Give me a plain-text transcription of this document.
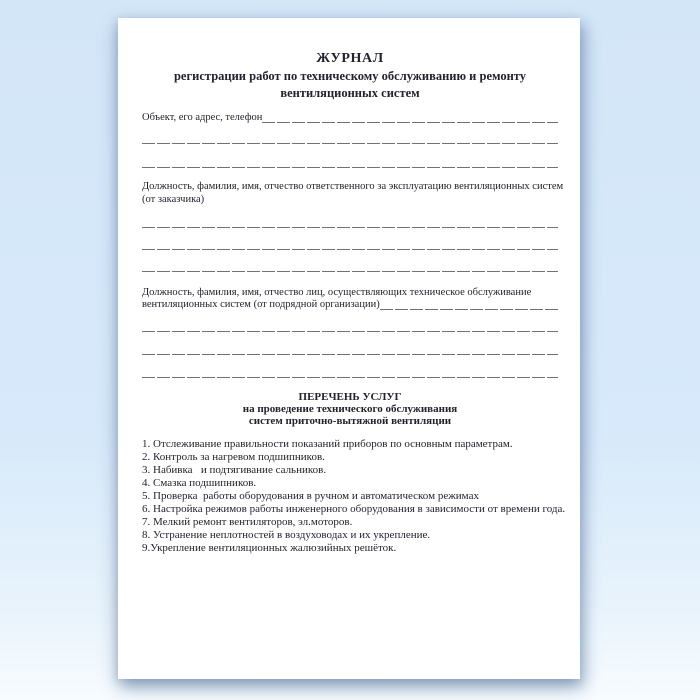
ЖУРНАЛ
регистрации работ по техническому обслуживанию и ремонту
вентиляционных систем
Объект, его адрес, телефон
Должность, фамилия, имя, отчество ответственного за эксплуатацию вентиляционных систем
(от заказчика)
Должность, фамилия, имя, отчество лиц, осуществляющих техническое обслуживание
вентиляционных систем (от подрядной организации)
ПЕРЕЧЕНЬ УСЛУГ
на проведение технического обслуживания
систем приточно-вытяжной вентиляции
1. Отслеживание правильности показаний приборов по основным параметрам.
2. Контроль за нагревом подшипников.
3. Набивка   и подтягивание сальников.
4. Смазка подшипников.
5. Проверка  работы оборудования в ручном и автоматическом режимах
6. Настройка режимов работы инженерного оборудования в зависимости от времени года.
7. Мелкий ремонт вентиляторов, эл.моторов.
8. Устранение неплотностей в воздуховодах и их укрепление.
9.Укрепление вентиляционных жалюзийных решёток.
